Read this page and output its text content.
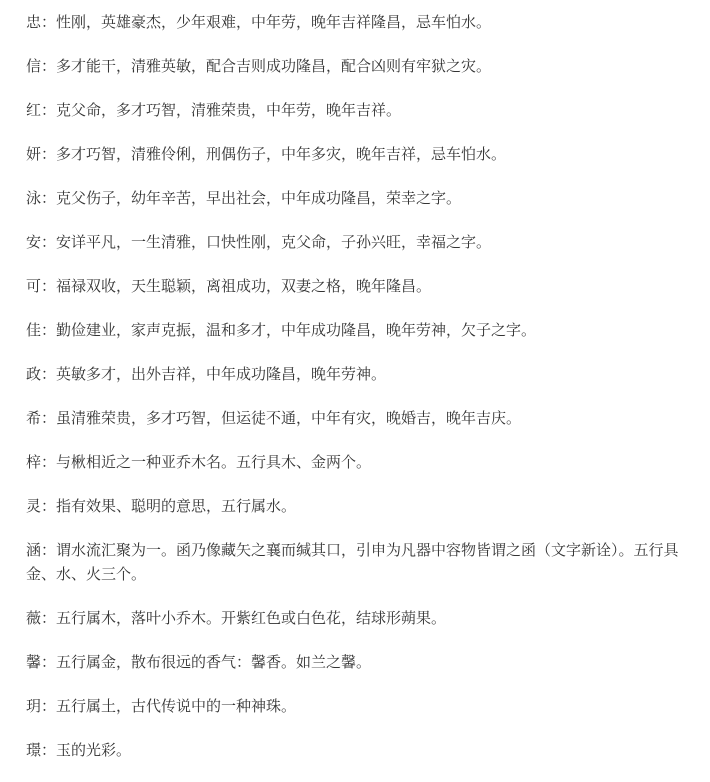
忠：性刚，英雄豪杰，少年艰难，中年劳，晚年吉祥隆昌，忌车怕水。

信：多才能干，清雅英敏，配合吉则成功隆昌，配合凶则有牢狱之灾。

红：克父命，多才巧智，清雅荣贵，中年劳，晚年吉祥。

妍：多才巧智，清雅伶俐，刑偶伤子，中年多灾，晚年吉祥，忌车怕水。

泳：克父伤子，幼年辛苦，早出社会，中年成功隆昌，荣幸之字。

安：安详平凡，一生清雅，口快性刚，克父命，子孙兴旺，幸福之字。

可：福禄双收，天生聪颖，离祖成功，双妻之格，晚年隆昌。

佳：勤俭建业，家声克振，温和多才，中年成功隆昌，晚年劳神，欠子之字。

政：英敏多才，出外吉祥，中年成功隆昌，晚年劳神。

希：虽清雅荣贵，多才巧智，但运徒不通，中年有灾，晚婚吉，晚年吉庆。

梓：与楸相近之一种亚乔木名。五行具木、金两个。

灵：指有效果、聪明的意思，五行属水。

涵：谓水流汇聚为一。函乃像藏矢之襄而缄其口，引申为凡器中容物皆谓之函（文字新诠）。五行具金、水、火三个。

薇：五行属木，落叶小乔木。开紫红色或白色花，结球形蒴果。

馨：五行属金，散布很远的香气：馨香。如兰之馨。

玥：五行属土，古代传说中的一种神珠。

璟：玉的光彩。
